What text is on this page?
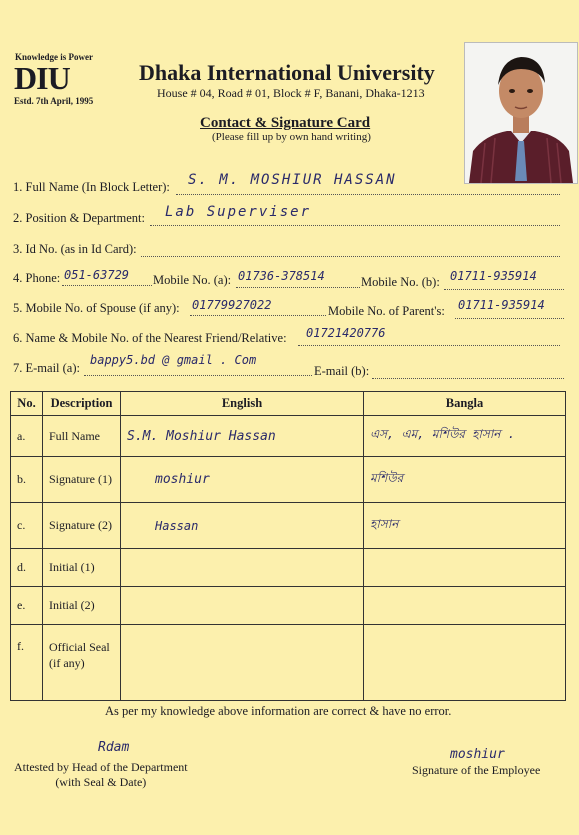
Knowledge is Power
DIU
Estd. 7th April, 1995
Dhaka International University
House # 04, Road # 01, Block # F, Banani, Dhaka-1213
Contact & Signature Card
(Please fill up by own hand writing)
1. Full Name (In Block Letter): S. M. MOSHIUR HASSAN
2. Position & Department: Lab Superviser
3. Id No. (as in Id Card):
4. Phone: 051-63729 Mobile No. (a): 01736-378514	Mobile No. (b): 01711-935914
5. Mobile No. of Spouse (if any): 01779927022	Mobile No. of Parent's: 01711-935914
6. Name & Mobile No. of the Nearest Friend/Relative: 01721420776
7. E-mail (a):
bappy5.bd @ gmail . Com
E-mail (b):
No.	Description	English	Bangla
a.	Full Name	S.M. Moshiur Hassan	এস, এম, মশিউর হাসান .
b.	Signature (1)	moshiur	মশিউর
c.	Signature (2)	Hassan	হাসান
d.	Initial (1)		
e.	Initial (2)		
f.	Official Seal
(if any)		
As per my knowledge above information are correct & have no error.
Rdam
Attested by Head of the Department
(with Seal & Date)
moshiur
Signature of the Employee
